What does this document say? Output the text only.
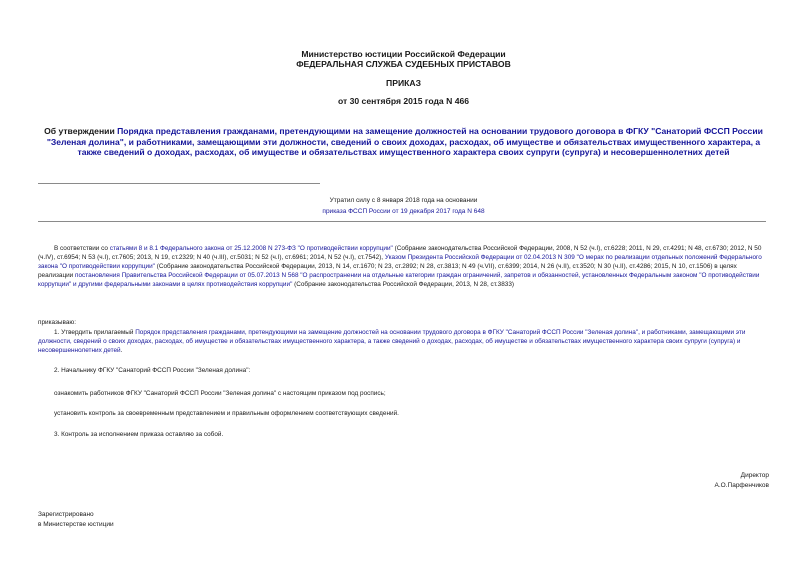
Министерство юстиции Российской Федерации
ФЕДЕРАЛЬНАЯ СЛУЖБА СУДЕБНЫХ ПРИСТАВОВ
ПРИКАЗ
от 30 сентября 2015 года N 466
Об утверждении Порядка представления гражданами, претендующими на замещение должностей на основании трудового договора в ФГКУ "Санаторий ФССП России "Зеленая долина", и работниками, замещающими эти должности, сведений о своих доходах, расходах, об имуществе и обязательствах имущественного характера, а также сведений о доходах, расходах, об имуществе и обязательствах имущественного характера своих супруги (супруга) и несовершеннолетних детей
Утратил силу с 8 января 2018 года на основании
приказа ФССП России от 19 декабря 2017 года N 648
В соответствии со статьями 8 и 8.1 Федерального закона от 25.12.2008 N 273-ФЗ "О противодействии коррупции" (Собрание законодательства Российской Федерации, 2008, N 52 (ч.I), ст.6228; 2011, N 29, ст.4291; N 48, ст.6730; 2012, N 50 (ч.IV), ст.6954; N 53 (ч.I), ст.7605; 2013, N 19, ст.2329; N 40 (ч.III), ст.5031; N 52 (ч.I), ст.6961; 2014, N 52 (ч.I), ст.7542), Указом Президента Российской Федерации от 02.04.2013 N 309 "О мерах по реализации отдельных положений Федерального закона "О противодействии коррупции" (Собрание законодательства Российской Федерации, 2013, N 14, ст.1670; N 23, ст.2892; N 28, ст.3813; N 49 (ч.VII), ст.6399; 2014, N 26 (ч.II), ст.3520; N 30 (ч.II), ст.4286; 2015, N 10, ст.1506) в целях реализации постановления Правительства Российской Федерации от 05.07.2013 N 568 "О распространении на отдельные категории граждан ограничений, запретов и обязанностей, установленных Федеральным законом "О противодействии коррупции" и другими федеральными законами в целях противодействия коррупции" (Собрание законодательства Российской Федерации, 2013, N 28, ст.3833)
приказываю:
1. Утвердить прилагаемый Порядок представления гражданами, претендующими на замещение должностей на основании трудового договора в ФГКУ "Санаторий ФССП России "Зеленая долина", и работниками, замещающими эти должности, сведений о своих доходах, расходах, об имуществе и обязательствах имущественного характера, а также сведений о доходах, расходах, об имуществе и обязательствах имущественного характера своих супруги (супруга) и несовершеннолетних детей.
2. Начальнику ФГКУ "Санаторий ФССП России "Зеленая долина":
ознакомить работников ФГКУ "Санаторий ФССП России "Зеленая долина" с настоящим приказом под роспись;
установить контроль за своевременным представлением и правильным оформлением соответствующих сведений.
3. Контроль за исполнением приказа оставляю за собой.
Директор
А.О.Парфенчиков
Зарегистрировано
в Министерстве юстиции
